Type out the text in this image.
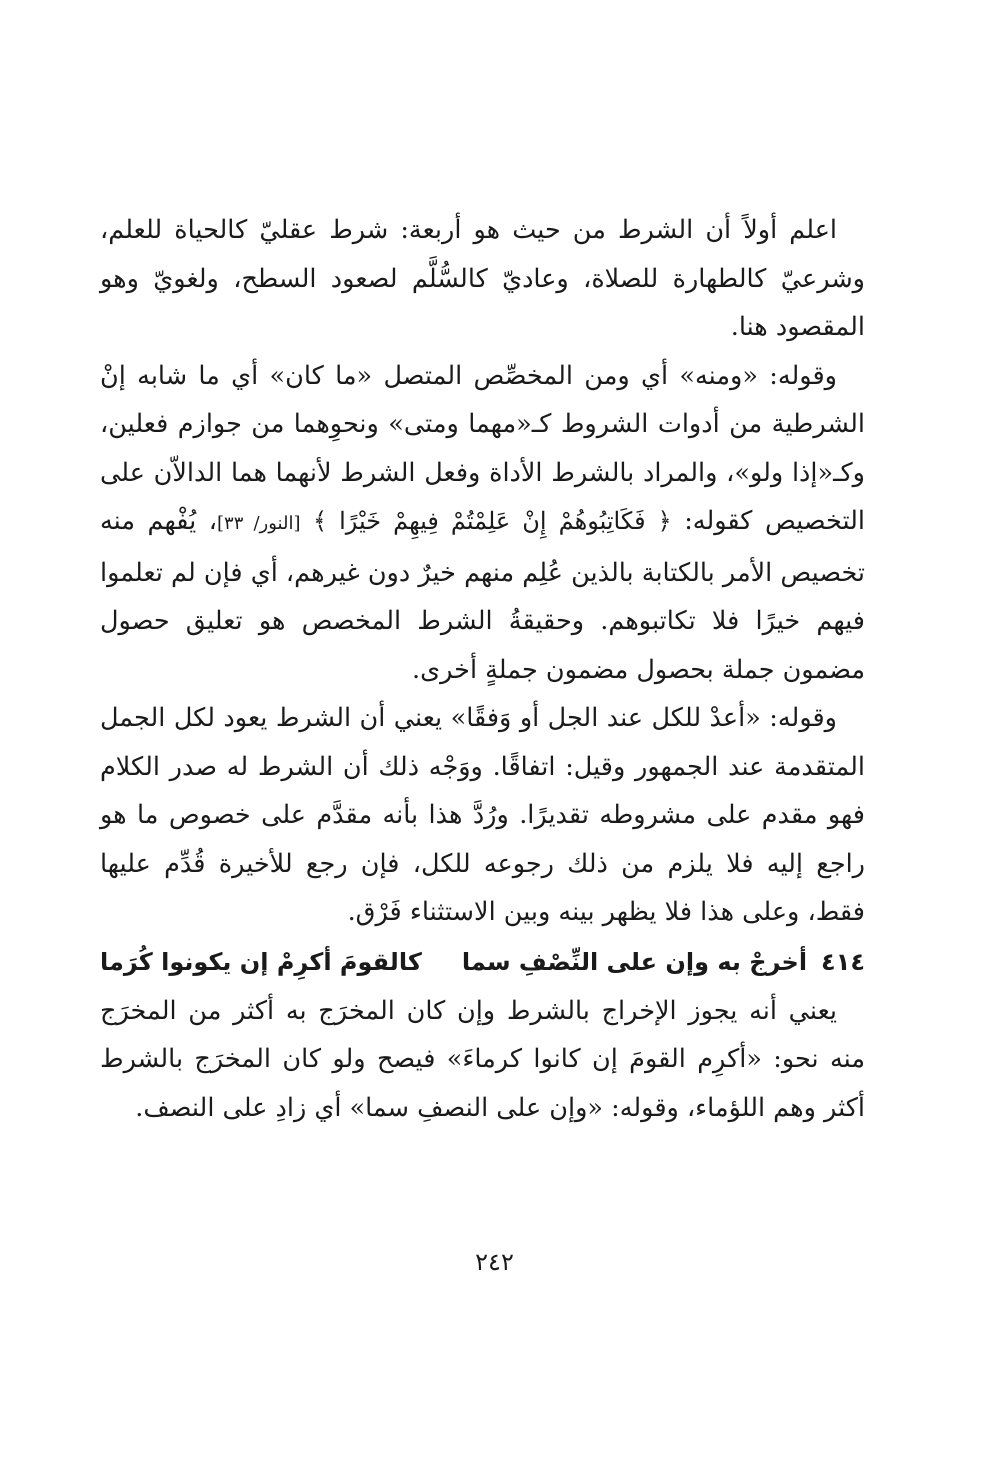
اعلم أولاً أن الشرط من حيث هو أربعة: شرط عقليّ كالحياة للعلم، وشرعيّ كالطهارة للصلاة، وعاديّ كالسُّلَّم لصعود السطح، ولغويّ وهو المقصود هنا.

وقوله: «ومنه» أي ومن المخصِّص المتصل «ما كان» أي ما شابه إنْ الشرطية من أدوات الشروط كـ«مهما ومتى» ونحوِهما من جوازم فعلين، وكـ«إذا ولو»، والمراد بالشرط الأداة وفعل الشرط لأنهما هما الدالاّن على التخصيص كقوله: ﴿ فَكَاتِبُوهُمْ إِنْ عَلِمْتُمْ فِيهِمْ خَيْرًا ﴾ [النور/ ٣٣]، يُفْهم منه تخصيص الأمر بالكتابة بالذين عُلِم منهم خيرٌ دون غيرهم، أي فإن لم تعلموا فيهم خيرًا فلا تكاتبوهم. وحقيقةُ الشرط المخصص هو تعليق حصول مضمون جملة بحصول مضمون جملةٍ أخرى.

وقوله: «أعدْ للكل عند الجل أو وَفقًا» يعني أن الشرط يعود لكل الجمل المتقدمة عند الجمهور وقيل: اتفاقًا. ووَجْه ذلك أن الشرط له صدر الكلام فهو مقدم على مشروطه تقديرًا. ورُدَّ هذا بأنه مقدَّم على خصوص ما هو راجع إليه فلا يلزم من ذلك رجوعه للكل، فإن رجع للأخيرة قُدِّم عليها فقط، وعلى هذا فلا يظهر بينه وبين الاستثناء فَرْق.

٤١٤
أخرجْ به وإن على النِّصْفِ سما
كالقومَ أكرِمْ إن يكونوا كُرَما

يعني أنه يجوز الإخراج بالشرط وإن كان المخرَج به أكثر من المخرَج منه نحو: «أكرِم القومَ إن كانوا كرماءَ» فيصح ولو كان المخرَج بالشرط أكثر وهم اللؤماء، وقوله: «وإن على النصفِ سما» أي زادِ على النصف.

٢٤٢
